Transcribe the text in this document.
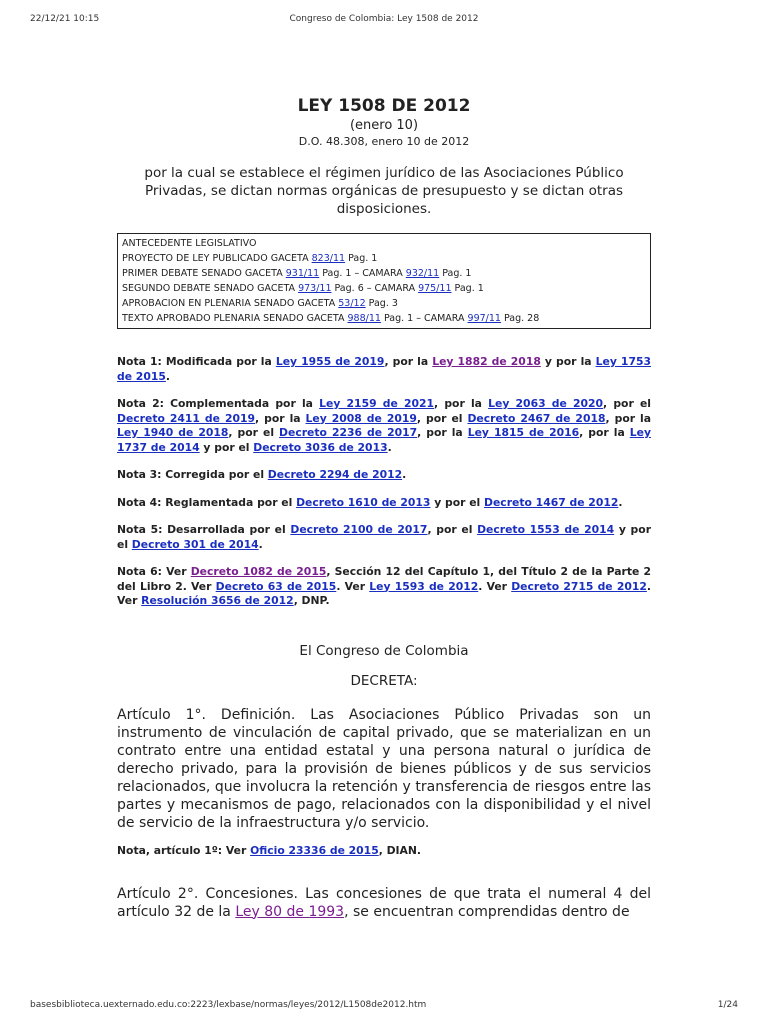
22/12/21 10:15	Congreso de Colombia: Ley 1508 de 2012
LEY 1508 DE 2012
(enero 10)
D.O. 48.308, enero 10 de 2012

por la cual se establece el régimen jurídico de las Asociaciones Público Privadas, se dictan normas orgánicas de presupuesto y se dictan otras disposiciones.

ANTECEDENTE LEGISLATIVO
PROYECTO DE LEY PUBLICADO GACETA 823/11 Pag. 1
PRIMER DEBATE SENADO GACETA 931/11 Pag. 1 – CAMARA 932/11 Pag. 1
SEGUNDO DEBATE SENADO GACETA 973/11 Pag. 6 – CAMARA 975/11 Pag. 1
APROBACION EN PLENARIA SENADO GACETA 53/12 Pag. 3
TEXTO APROBADO PLENARIA SENADO GACETA 988/11 Pag. 1 – CAMARA 997/11 Pag. 28

Nota 1: Modificada por la Ley 1955 de 2019, por la Ley 1882 de 2018 y por la Ley 1753 de 2015.

Nota 2: Complementada por la Ley 2159 de 2021, por la Ley 2063 de 2020, por el Decreto 2411 de 2019, por la Ley 2008 de 2019, por el Decreto 2467 de 2018, por la Ley 1940 de 2018, por el Decreto 2236 de 2017, por la Ley 1815 de 2016, por la Ley 1737 de 2014 y por el Decreto 3036 de 2013.

Nota 3: Corregida por el Decreto 2294 de 2012.

Nota 4: Reglamentada por el Decreto 1610 de 2013 y por el Decreto 1467 de 2012.

Nota 5: Desarrollada por el Decreto 2100 de 2017, por el Decreto 1553 de 2014 y por el Decreto 301 de 2014.

Nota 6: Ver Decreto 1082 de 2015, Sección 12 del Capítulo 1, del Título 2 de la Parte 2 del Libro 2. Ver Decreto 63 de 2015. Ver Ley 1593 de 2012. Ver Decreto 2715 de 2012. Ver Resolución 3656 de 2012, DNP.

El Congreso de Colombia
DECRETA:
Artículo 1°. Definición. Las Asociaciones Público Privadas son un instrumento de vinculación de capital privado, que se materializan en un contrato entre una entidad estatal y una persona natural o jurídica de derecho privado, para la provisión de bienes públicos y de sus servicios relacionados, que involucra la retención y transferencia de riesgos entre las partes y mecanismos de pago, relacionados con la disponibilidad y el nivel de servicio de la infraestructura y/o servicio.
Nota, artículo 1º: Ver Oficio 23336 de 2015, DIAN.
Artículo 2°. Concesiones. Las concesiones de que trata el numeral 4 del artículo 32 de la Ley 80 de 1993, se encuentran comprendidas dentro de
basesbiblioteca.uexternado.edu.co:2223/lexbase/normas/leyes/2012/L1508de2012.htm	1/24
